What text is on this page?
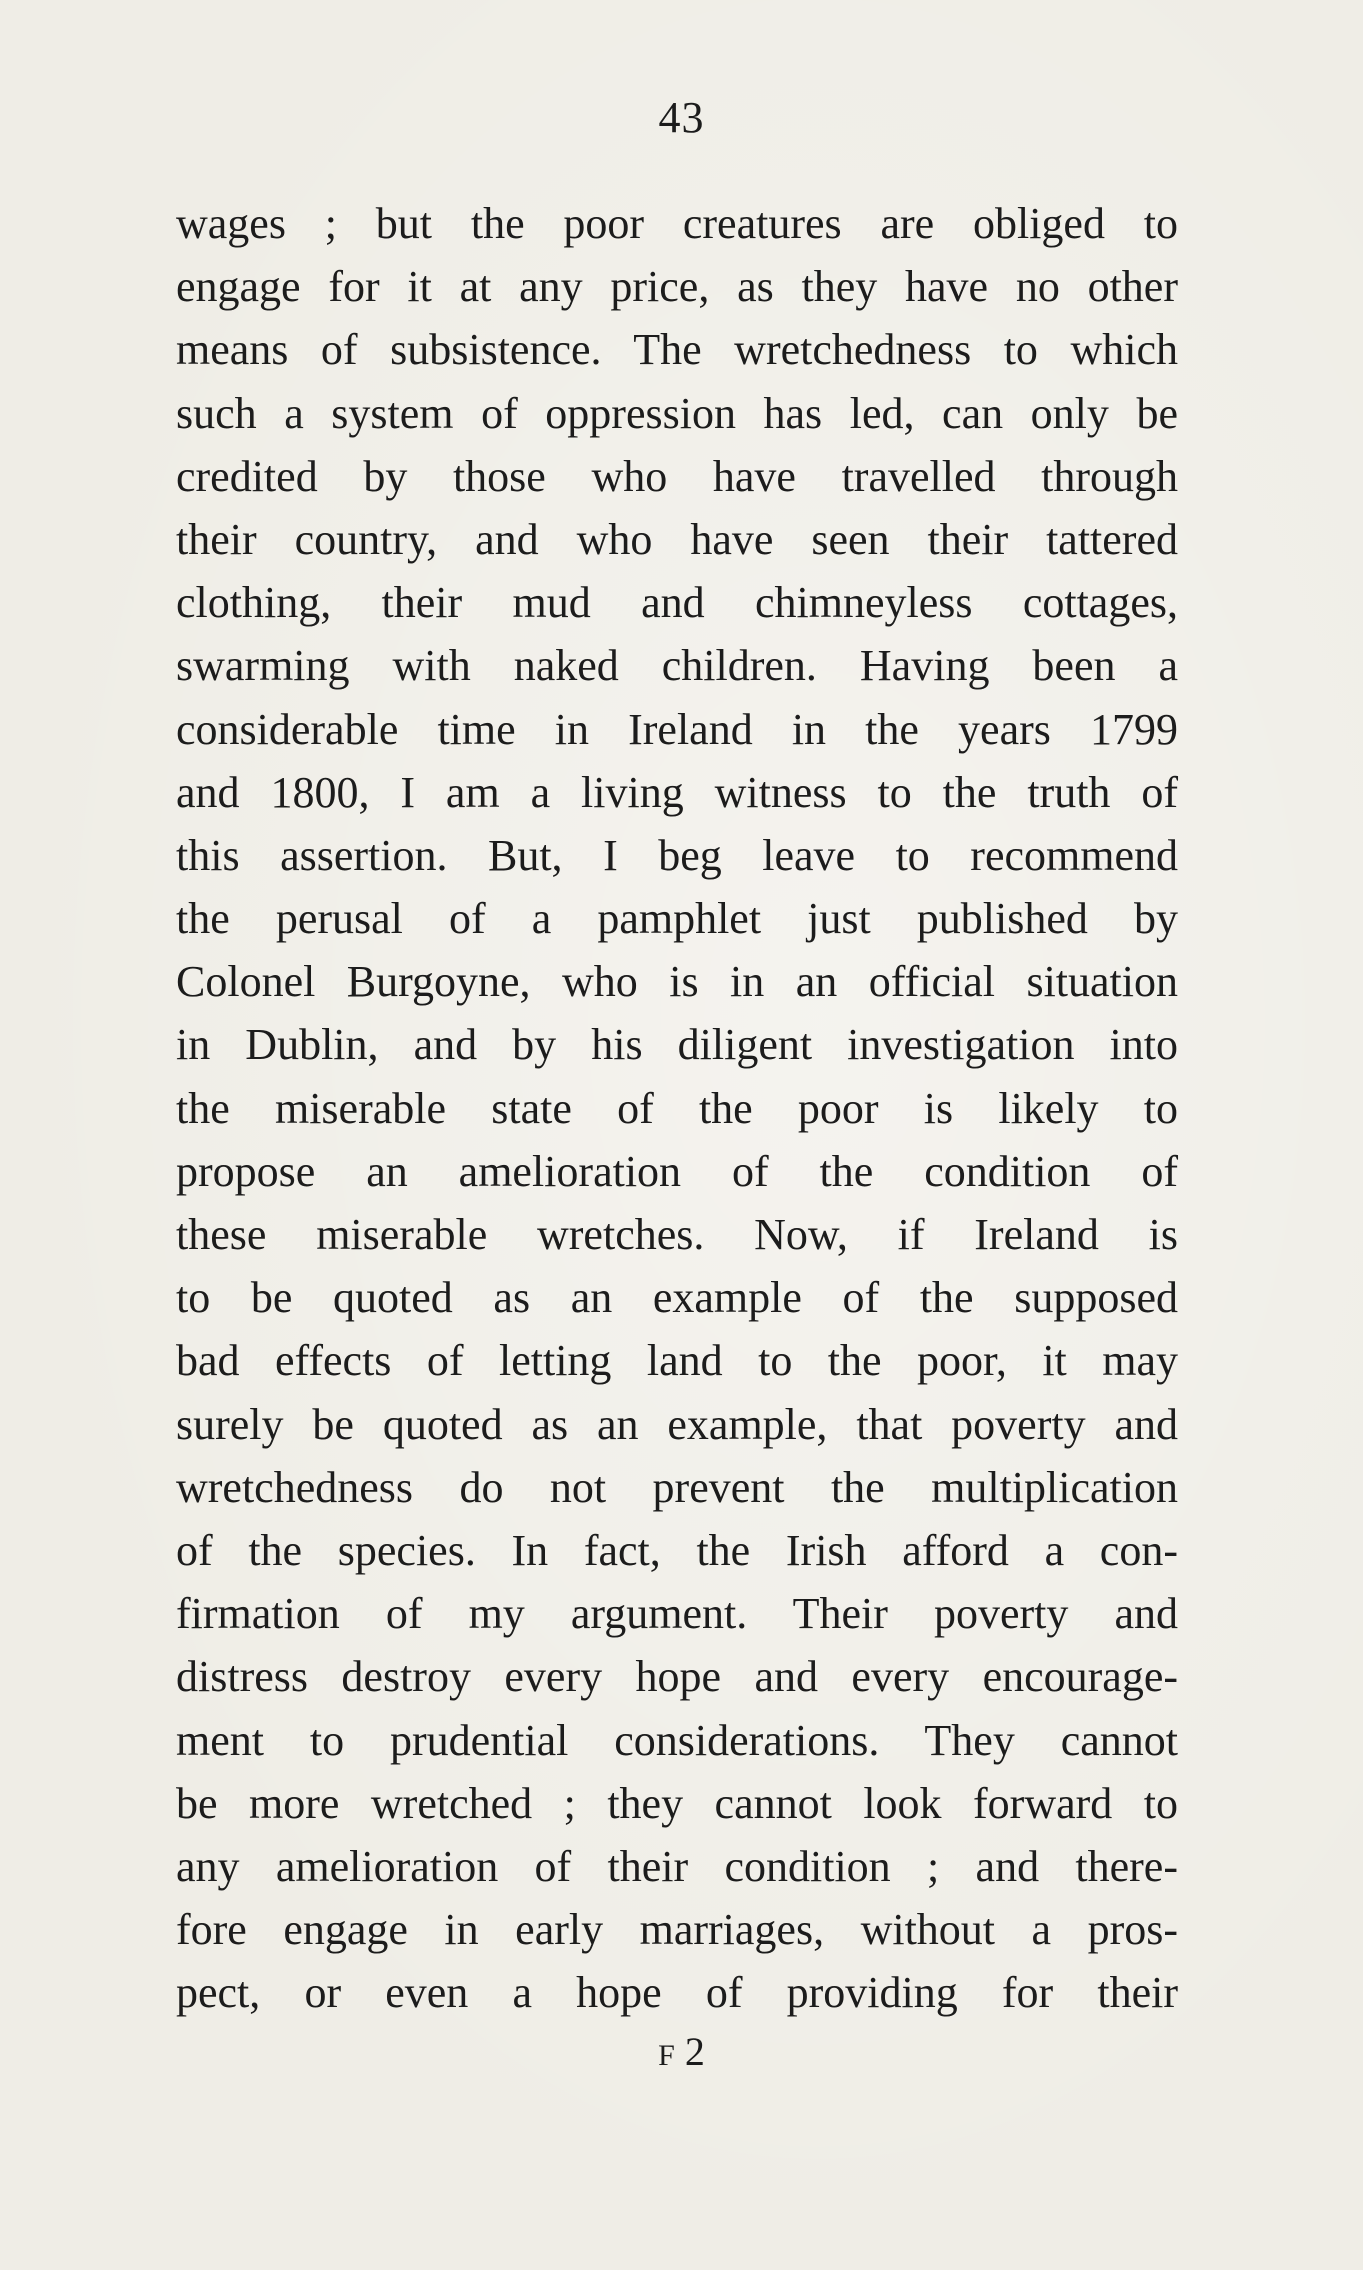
43
wages ; but the poor creatures are obliged to
engage for it at any price, as they have no other
means of subsistence. The wretchedness to which
such a system of oppression has led, can only be
credited by those who have travelled through
their country, and who have seen their tattered
clothing, their mud and chimneyless cottages,
swarming with naked children. Having been a
considerable time in Ireland in the years 1799
and 1800, I am a living witness to the truth of
this assertion. But, I beg leave to recommend
the perusal of a pamphlet just published by
Colonel Burgoyne, who is in an official situation
in Dublin, and by his diligent investigation into
the miserable state of the poor is likely to
propose an amelioration of the condition of
these miserable wretches. Now, if Ireland is
to be quoted as an example of the supposed
bad effects of letting land to the poor, it may
surely be quoted as an example, that poverty and
wretchedness do not prevent the multiplication
of the species. In fact, the Irish afford a con-
firmation of my argument. Their poverty and
distress destroy every hope and every encourage-
ment to prudential considerations. They cannot
be more wretched ; they cannot look forward to
any amelioration of their condition ; and there-
fore engage in early marriages, without a pros-
pect, or even a hope of providing for their
F 2
